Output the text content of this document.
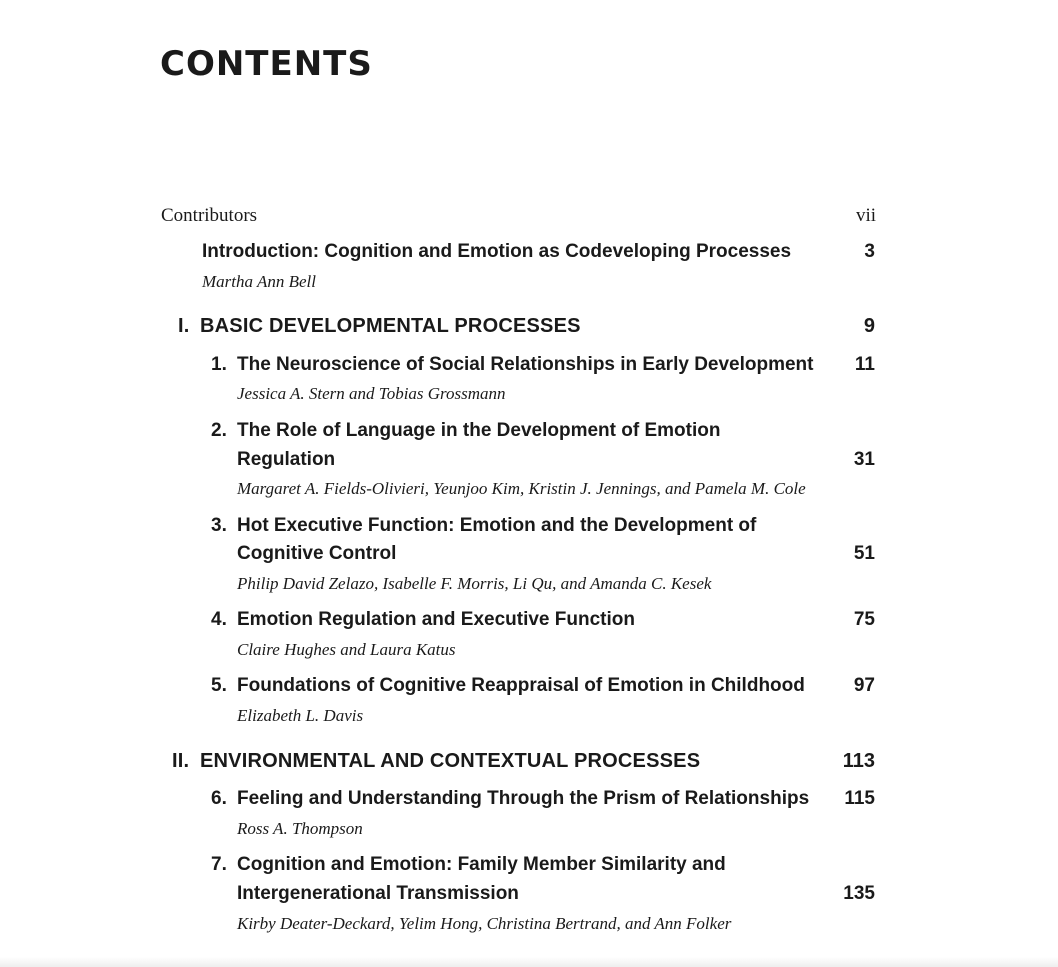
CONTENTS
Contributors	vii
Introduction: Cognition and Emotion as Codeveloping Processes	3
Martha Ann Bell
I. BASIC DEVELOPMENTAL PROCESSES	9
1. The Neuroscience of Social Relationships in Early Development	11
Jessica A. Stern and Tobias Grossmann
2. The Role of Language in the Development of Emotion
Regulation	31
Margaret A. Fields-Olivieri, Yeunjoo Kim, Kristin J. Jennings, and Pamela M. Cole
3. Hot Executive Function: Emotion and the Development of
Cognitive Control	51
Philip David Zelazo, Isabelle F. Morris, Li Qu, and Amanda C. Kesek
4. Emotion Regulation and Executive Function	75
Claire Hughes and Laura Katus
5. Foundations of Cognitive Reappraisal of Emotion in Childhood	97
Elizabeth L. Davis
II. ENVIRONMENTAL AND CONTEXTUAL PROCESSES	113
6. Feeling and Understanding Through the Prism of Relationships	115
Ross A. Thompson
7. Cognition and Emotion: Family Member Similarity and
Intergenerational Transmission	135
Kirby Deater-Deckard, Yelim Hong, Christina Bertrand, and Ann Folker
